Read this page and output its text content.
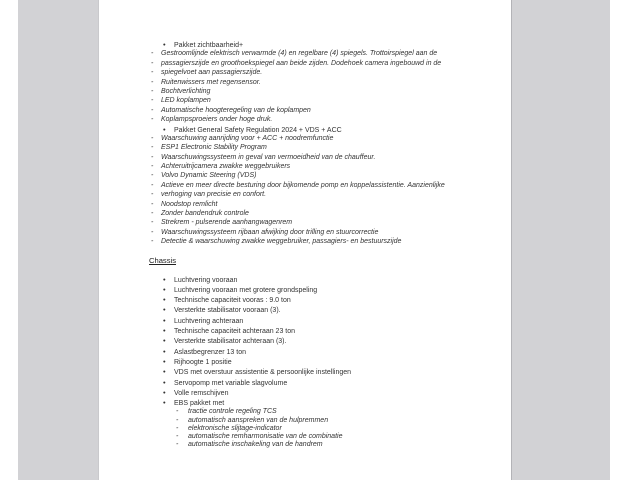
•	Pakket zichtbaarheid+
-	Gestroomlijnde elektrisch verwarmde (4) en regelbare (4) spiegels. Trottoirspiegel aan de
-	passagierszijde en groothoekspiegel aan beide zijden. Dodehoek camera ingebouwd in de
-	spiegelvoet aan passagierszijde.
-	Ruitenwissers met regensensor.
-	Bochtverlichting
-	LED koplampen
-	Automatische hoogteregeling van de koplampen
-	Koplampsproeiers onder hoge druk.
•	Pakket General Safety Regulation 2024 + VDS + ACC
-	Waarschuwing aanrijding voor + ACC + noodremfunctie
-	ESP1 Electronic Stability Program
-	Waarschuwingssysteem in geval van vermoeidheid van de chauffeur.
-	Achteruitrijcamera zwakke weggebruikers
-	Volvo Dynamic Steering (VDS)
-	Actieve en meer directe besturing door bijkomende pomp en koppelassistentie. Aanzienlijke
-	verhoging van precisie en confort.
-	Noodstop remlicht
-	Zonder bandendruk controle
-	Strekrem - pulserende aanhangwagenrem
-	Waarschuwingssysteem rijbaan afwijking door trilling en stuurcorrectie
-	Detectie & waarschuwing zwakke weggebruiker, passagiers- en bestuurszijde
Chassis
•	Luchtvering vooraan
•	Luchtvering vooraan met grotere grondspeling
•	Technische capaciteit vooras : 9.0 ton
•	Versterkte stabilisator vooraan (3).
•	Luchtvering achteraan
•	Technische capaciteit achteraan 23 ton
•	Versterkte stabilisator achteraan (3).
•	Aslastbegrenzer 13 ton
•	Rijhoogte 1 positie
•	VDS met overstuur assistentie & persoonlijke instellingen
•	Servopomp met variable slagvolume
•	Volle remschijven
•	EBS pakket met
-	tractie controle regeling TCS
-	automatisch aanspreken van de hulpremmen
-	elektronische slijtage-indicator
-	automatische remharmonisatie van de combinatie
-	automatische inschakeling van de handrem
